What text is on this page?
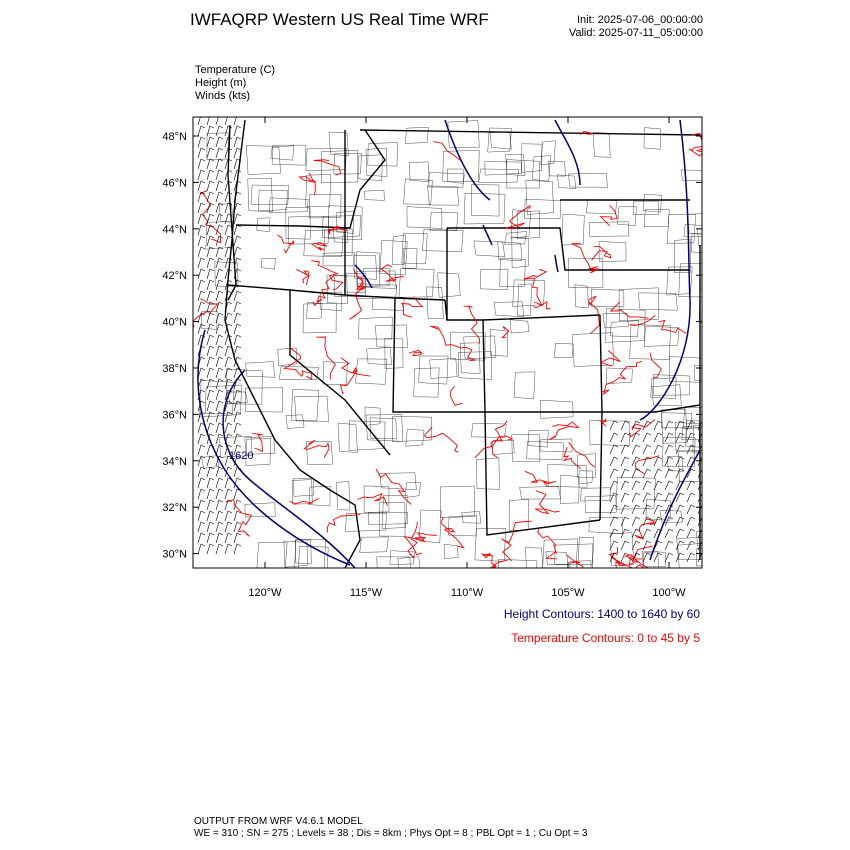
IWFAQRP Western US Real Time WRF	Init: 2025-07-06_00:00:00
Valid: 2025-07-11_05:00:00
Temperature (C)
Height (m)
Winds (kts)
1620
48°N
46°N
44°N
42°N
40°N
38°N
36°N
34°N
32°N
30°N
120°W	115°W	110°W	105°W	100°W
Height Contours: 1400 to 1640 by 60
Temperature Contours: 0 to 45 by 5
OUTPUT FROM WRF V4.6.1 MODEL
WE = 310 ; SN = 275 ; Levels = 38 ; Dis = 8km ; Phys Opt = 8 ; PBL Opt = 1 ; Cu Opt = 3
